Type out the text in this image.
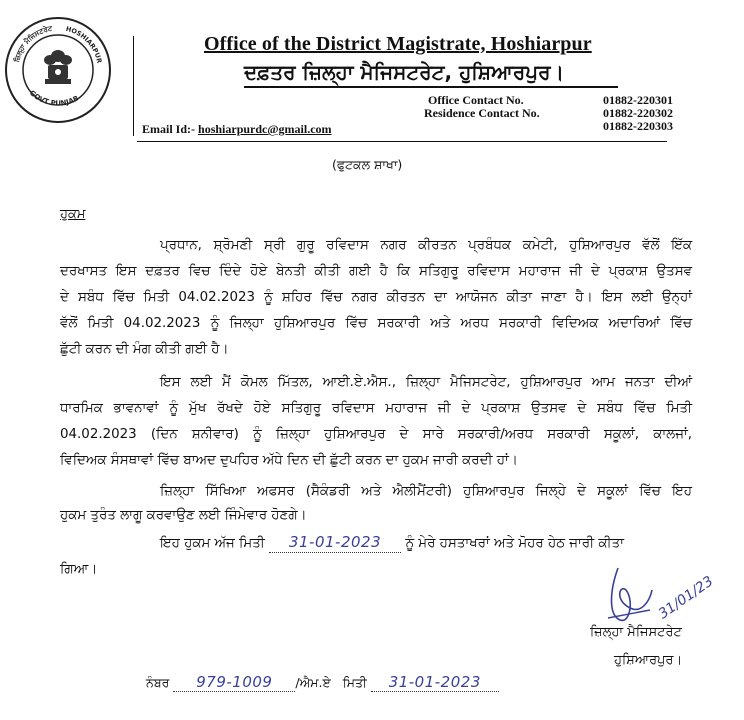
ਜ਼ਿਲ੍ਹਾ ਮੈਜਿਸਟਰੇਟ HOSHIARPUR
GOVT PUNJAB
Office of the District Magistrate, Hoshiarpur
ਦਫ਼ਤਰ ਜ਼ਿਲ੍ਹਾ ਮੈਜਿਸਟਰੇਟ, ਹੁਸ਼ਿਆਰਪੁਰ।
Office Contact No.
Residence Contact No.
01882-220301
01882-220302
01882-220303
Email Id:- hoshiarpurdc@gmail.com
(ਫੁਟਕਲ ਸ਼ਾਖਾ)
ਹੁਕਮ
ਪ੍ਰਧਾਨ, ਸ਼੍ਰੋਮਣੀ ਸ੍ਰੀ ਗੁਰੂ ਰਵਿਦਾਸ ਨਗਰ ਕੀਰਤਨ ਪ੍ਰਬੰਧਕ ਕਮੇਟੀ, ਹੁਸ਼ਿਆਰਪੁਰ ਵੱਲੋਂ ਇੱਕ
ਦਰਖਾਸਤ ਇਸ ਦਫ਼ਤਰ ਵਿਚ ਦਿੰਦੇ ਹੋਏ ਬੇਨਤੀ ਕੀਤੀ ਗਈ ਹੈ ਕਿ ਸਤਿਗੁਰੂ ਰਵਿਦਾਸ ਮਹਾਰਾਜ ਜੀ ਦੇ ਪ੍ਰਕਾਸ਼ ਉਤਸਵ
ਦੇ ਸਬੰਧ ਵਿੱਚ ਮਿਤੀ 04.02.2023 ਨੂੰ ਸ਼ਹਿਰ ਵਿੱਚ ਨਗਰ ਕੀਰਤਨ ਦਾ ਆਯੋਜਨ ਕੀਤਾ ਜਾਣਾ ਹੈ। ਇਸ ਲਈ ਉਨ੍ਹਾਂ
ਵੱਲੋਂ ਮਿਤੀ 04.02.2023 ਨੂੰ ਜਿਲ੍ਹਾ ਹੁਸ਼ਿਆਰਪੁਰ ਵਿੱਚ ਸਰਕਾਰੀ ਅਤੇ ਅਰਧ ਸਰਕਾਰੀ ਵਿਦਿਅਕ ਅਦਾਰਿਆਂ ਵਿੱਚ
ਛੁੱਟੀ ਕਰਨ ਦੀ ਮੰਗ ਕੀਤੀ ਗਈ ਹੈ।
ਇਸ ਲਈ ਮੈਂ ਕੋਮਲ ਮਿੱਤਲ, ਆਈ.ਏ.ਐਸ., ਜ਼ਿਲ੍ਹਾ ਮੈਜਿਸਟਰੇਟ, ਹੁਸ਼ਿਆਰਪੁਰ ਆਮ ਜਨਤਾ ਦੀਆਂ
ਧਾਰਮਿਕ ਭਾਵਨਾਵਾਂ ਨੂੰ ਮੁੱਖ ਰੱਖਦੇ ਹੋਏ ਸਤਿਗੁਰੂ ਰਵਿਦਾਸ ਮਹਾਰਾਜ ਜੀ ਦੇ ਪ੍ਰਕਾਸ਼ ਉਤਸਵ ਦੇ ਸਬੰਧ ਵਿੱਚ ਮਿਤੀ
04.02.2023 (ਦਿਨ ਸ਼ਨੀਵਾਰ) ਨੂੰ ਜ਼ਿਲ੍ਹਾ ਹੁਸ਼ਿਆਰਪੁਰ ਦੇ ਸਾਰੇ ਸਰਕਾਰੀ/ਅਰਧ ਸਰਕਾਰੀ ਸਕੂਲਾਂ, ਕਾਲਜਾਂ,
ਵਿਦਿਅਕ ਸੰਸਥਾਵਾਂ ਵਿੱਚ ਬਾਅਦ ਦੁਪਹਿਰ ਅੱਧੇ ਦਿਨ ਦੀ ਛੁੱਟੀ ਕਰਨ ਦਾ ਹੁਕਮ ਜਾਰੀ ਕਰਦੀ ਹਾਂ।
ਜ਼ਿਲ੍ਹਾ ਸਿੱਖਿਆ ਅਫਸਰ (ਸੈਕੰਡਰੀ ਅਤੇ ਐਲੀਮੈਂਟਰੀ) ਹੁਸ਼ਿਆਰਪੁਰ ਜਿਲ੍ਹੇ ਦੇ ਸਕੂਲਾਂ ਵਿੱਚ ਇਹ
ਹੁਕਮ ਤੁਰੰਤ ਲਾਗੂ ਕਰਵਾਉਣ ਲਈ ਜਿੰਮੇਵਾਰ ਹੋਣਗੇ।
ਇਹ ਹੁਕਮ ਅੱਜ ਮਿਤੀ 31-01-2023 ਨੂੰ ਮੇਰੇ ਹਸਤਾਖਰਾਂ ਅਤੇ ਮੋਹਰ ਹੇਠ ਜਾਰੀ ਕੀਤਾ
ਗਿਆ।
31/01/23
ਜ਼ਿਲ੍ਹਾ ਮੈਜਿਸਟਰੇਟ
ਹੁਸ਼ਿਆਰਪੁਰ।
ਨੰਬਰ 979-1009 /ਐਮ.ਏ ਮਿਤੀ 31-01-2023
